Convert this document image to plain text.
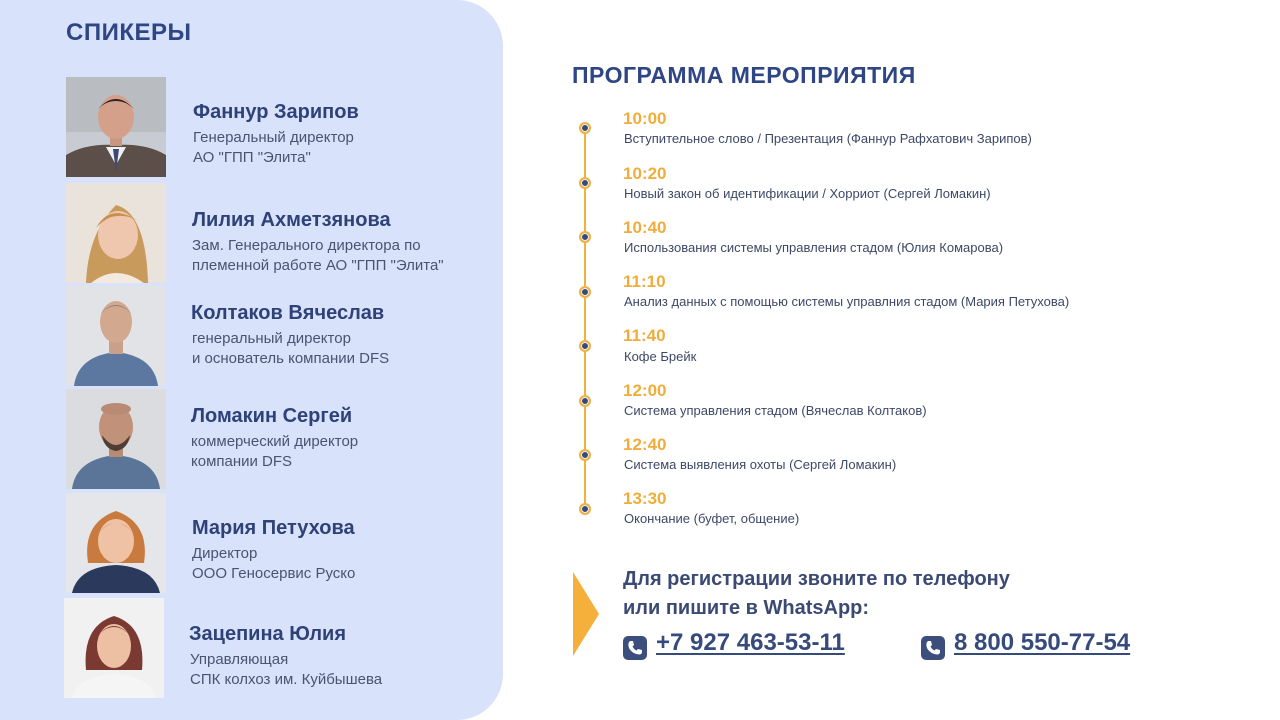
СПИКЕРЫ
Фаннур Зарипов
Генеральный директор
АО "ГПП "Элита"
Лилия Ахметзянова
Зам. Генерального директора по
племенной работе АО "ГПП "Элита"
Колтаков Вячеслав
генеральный директор
и основатель компании DFS
Ломакин Сергей
коммерческий директор
компании DFS
Мария Петухова
Директор
ООО Геносервис Руско
Зацепина Юлия
Управляющая
СПК колхоз им. Куйбышева
ПРОГРАММА МЕРОПРИЯТИЯ
10:00
Вступительное слово / Презентация (Фаннур Рафхатович Зарипов)
10:20
Новый закон об идентификации / Хорриот (Сергей Ломакин)
10:40
Использования системы управления стадом (Юлия Комарова)
11:10
Анализ данных с помощью системы управлния стадом (Мария Петухова)
11:40
Кофе Брейк
12:00
Система управления стадом (Вячеслав Колтаков)
12:40
Система выявления охоты (Сергей Ломакин)
13:30
Окончание (буфет, общение)
Для регистрации звоните по телефону
или пишите в WhatsApp:
+7 927 463-53-11	8 800 550-77-54
